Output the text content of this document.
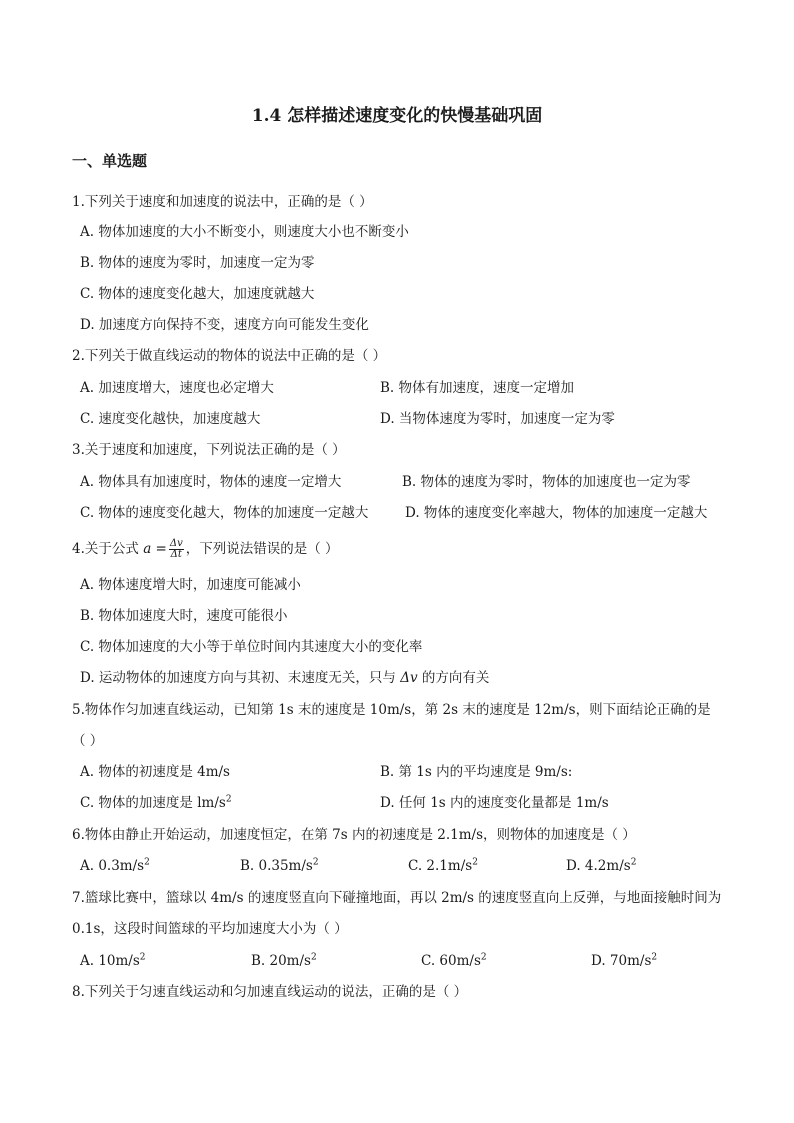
1.4 怎样描述速度变化的快慢基础巩固
一、单选题
1.下列关于速度和加速度的说法中，正确的是（ ）
A. 物体加速度的大小不断变小，则速度大小也不断变小
B. 物体的速度为零时，加速度一定为零
C. 物体的速度变化越大，加速度就越大
D. 加速度方向保持不变，速度方向可能发生变化
2.下列关于做直线运动的物体的说法中正确的是（ ）
A. 加速度增大，速度也必定增大	B. 物体有加速度，速度一定增加
C. 速度变化越快，加速度越大	D. 当物体速度为零时，加速度一定为零
3.关于速度和加速度，下列说法正确的是（ ）
A. 物体具有加速度时，物体的速度一定增大	B. 物体的速度为零时，物体的加速度也一定为零
C. 物体的速度变化越大，物体的加速度一定越大	D. 物体的速度变化率越大，物体的加速度一定越大
4.关于公式 $a = \frac{\Delta v}{\Delta t}$ ，下列说法错误的是（ ）
A. 物体速度增大时，加速度可能减小
B. 物体加速度大时，速度可能很小
C. 物体加速度的大小等于单位时间内其速度大小的变化率
D. 运动物体的加速度方向与其初、末速度无关，只与 Δv 的方向有关
5.物体作匀加速直线运动，已知第 1s 末的速度是 10m/s，第 2s 末的速度是 12m/s，则下面结论正确的是
（ ）
A. 物体的初速度是 4m/s	B. 第 1s 内的平均速度是 9m/s:
C. 物体的加速度是 $lm/s^2$	D. 任何 1s 内的速度变化量都是 1m/s
6.物体由静止开始运动，加速度恒定，在第 7s 内的初速度是 2.1m/s，则物体的加速度是（ ）
A. $0.3m/s^2$	B. $0.35m/s^2$	C. $2.1m/s^2$	D. $4.2m/s^2$
7.篮球比赛中，篮球以 4m/s 的速度竖直向下碰撞地面，再以 2m/s 的速度竖直向上反弹，与地面接触时间为
0.1s，这段时间篮球的平均加速度大小为（ ）
A. $10m/s^2$	B. $20m/s^2$	C. $60m/s^2$	D. $70m/s^2$
8.下列关于匀速直线运动和匀加速直线运动的说法，正确的是（ ）
